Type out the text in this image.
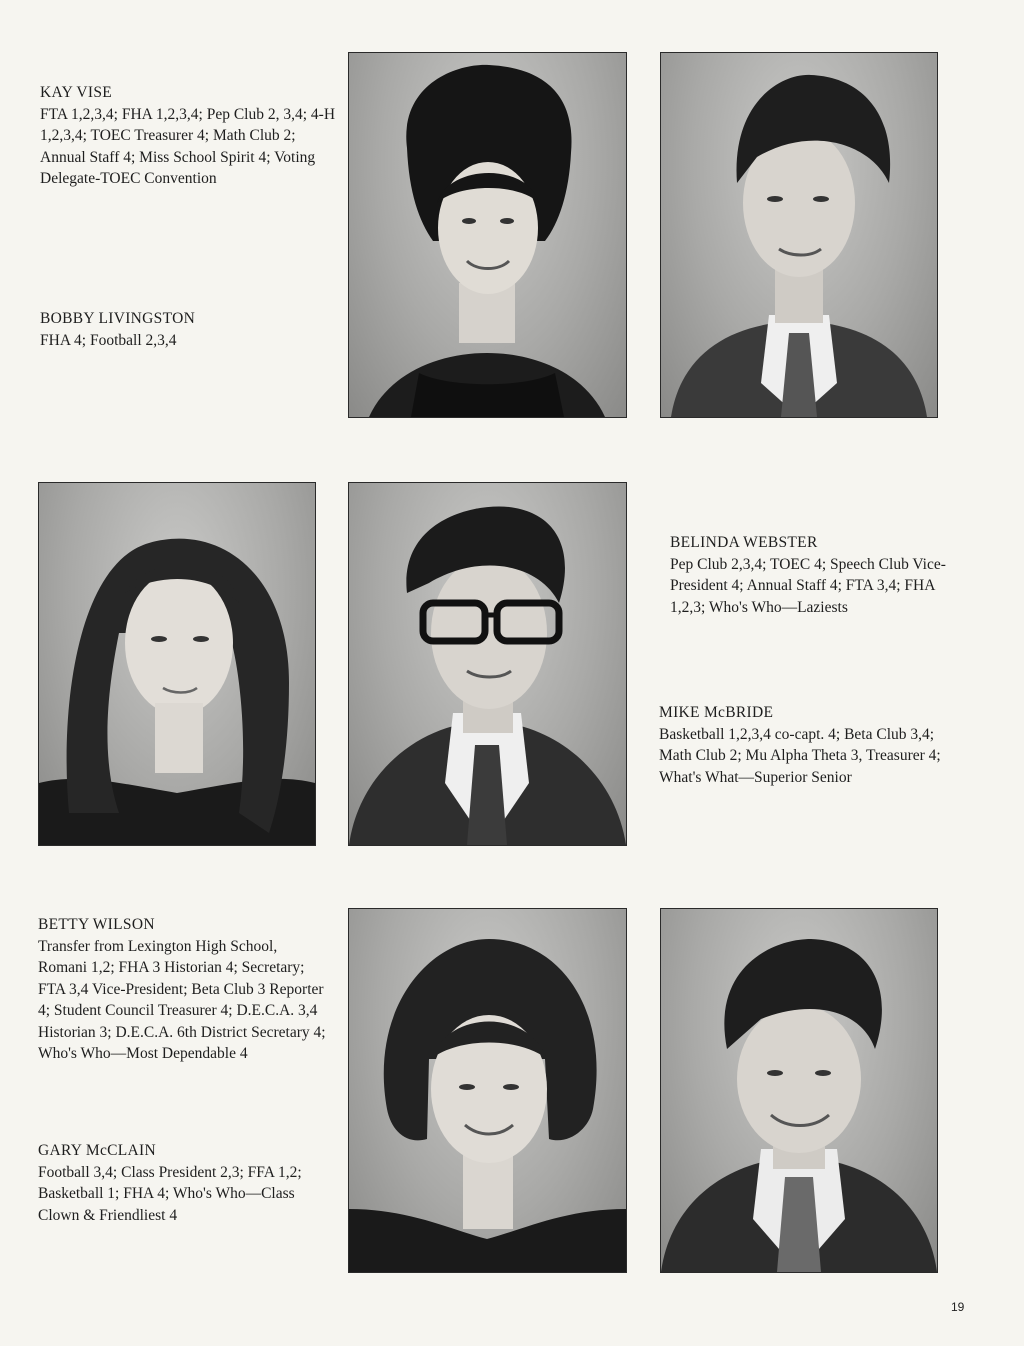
KAY VISE
FTA 1,2,3,4; FHA 1,2,3,4; Pep Club 2, 3,4; 4-H 1,2,3,4; TOEC Treasurer 4; Math Club 2; Annual Staff 4; Miss School Spirit 4; Voting Delegate-TOEC Convention
BOBBY LIVINGSTON
FHA 4; Football 2,3,4
BELINDA WEBSTER
Pep Club 2,3,4; TOEC 4; Speech Club Vice-President 4; Annual Staff 4; FTA 3,4; FHA 1,2,3; Who's Who—Laziests
MIKE McBRIDE
Basketball 1,2,3,4 co-capt. 4; Beta Club 3,4; Math Club 2; Mu Alpha Theta 3, Treasurer 4; What's What—Superior Senior
BETTY WILSON
Transfer from Lexington High School, Romani 1,2; FHA 3 Historian 4; Secretary; FTA 3,4 Vice-President; Beta Club 3 Reporter 4; Student Council Treasurer 4; D.E.C.A. 3,4 Historian 3; D.E.C.A. 6th District Secretary 4; Who's Who—Most Dependable 4
GARY McCLAIN
Football 3,4; Class President 2,3; FFA 1,2; Basketball 1; FHA 4; Who's Who—Class Clown & Friendliest 4
19
